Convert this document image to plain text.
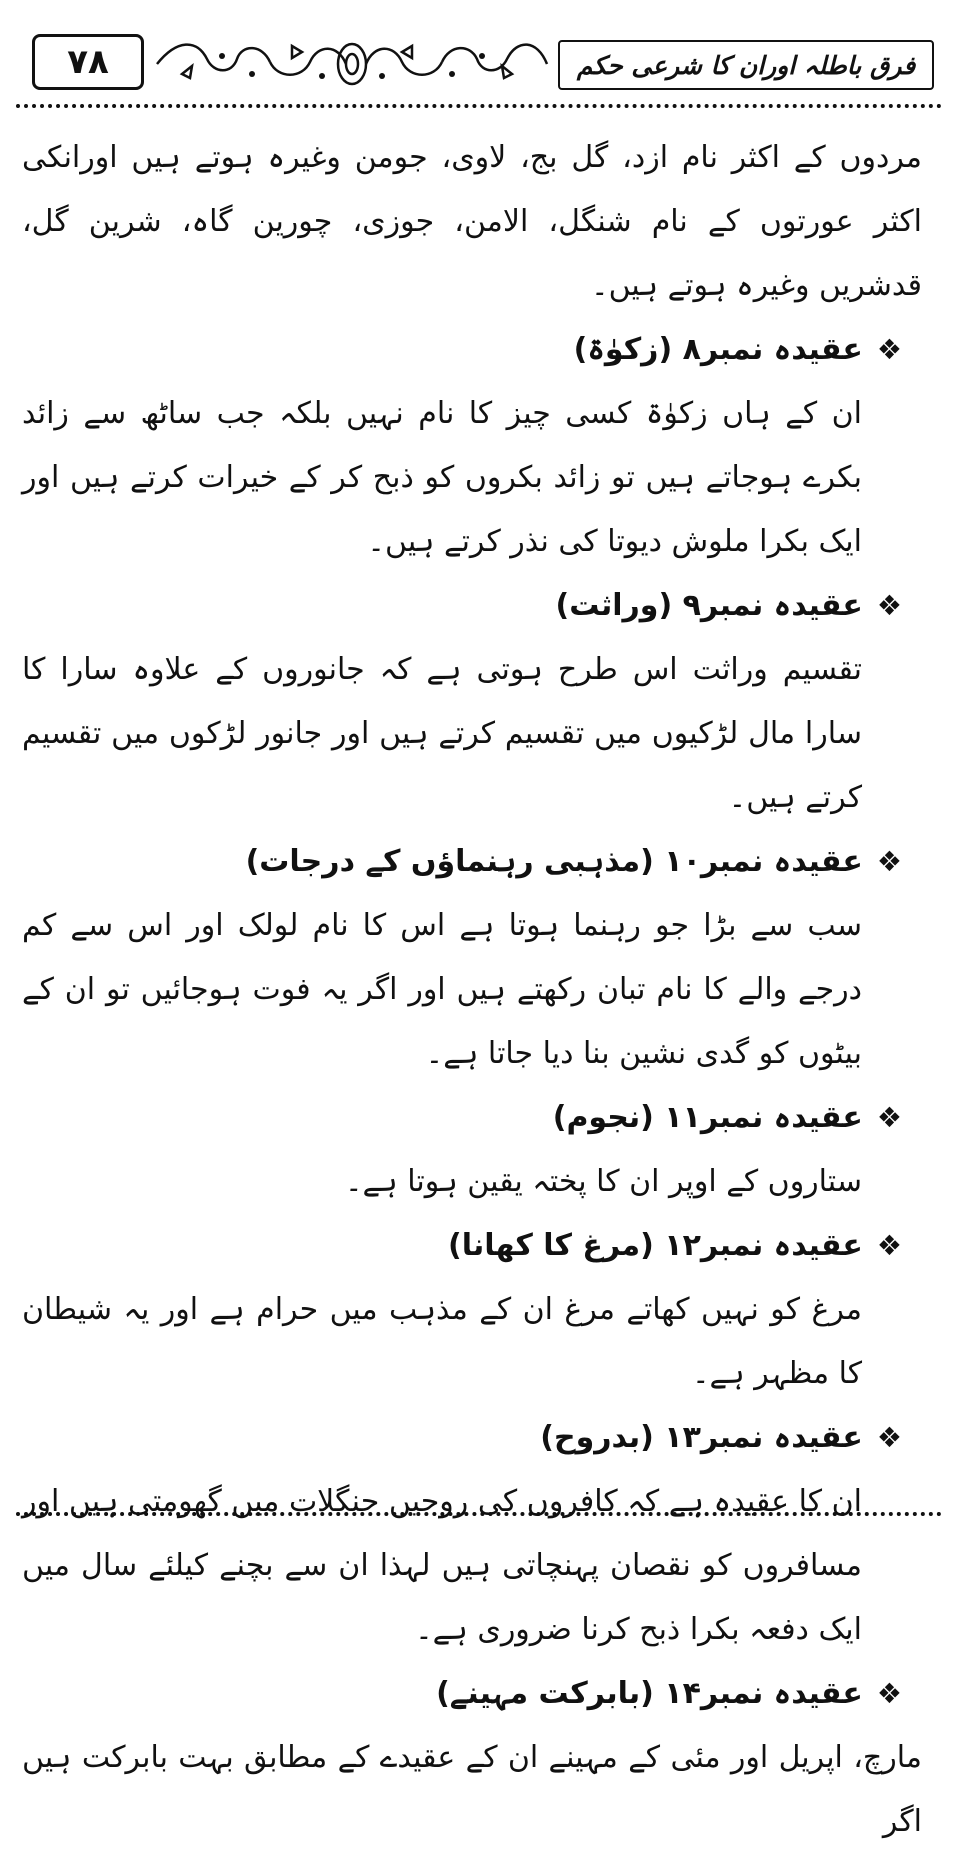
۷۸	فرق باطلہ اوران کا شرعی حکم

مردوں کے اکثر نام ازد، گل بج، لاوی، جومن وغیرہ ہوتے ہیں اورانکی اکثر عورتوں کے نام شنگل، الامن، جوزی، چورین گاہ، شرین گل، قدشریں وغیرہ ہوتے ہیں۔

❖
عقیدہ نمبر۸ (زکوٰۃ)

ان کے ہاں زکوٰۃ کسی چیز کا نام نہیں بلکہ جب ساٹھ سے زائد بکرے ہوجاتے ہیں تو زائد بکروں کو ذبح کر کے خیرات کرتے ہیں اور ایک بکرا ملوش دیوتا کی نذر کرتے ہیں۔

❖
عقیدہ نمبر۹ (وراثت)

تقسیم وراثت اس طرح ہوتی ہے کہ جانوروں کے علاوہ سارا کا سارا مال لڑکیوں میں تقسیم کرتے ہیں اور جانور لڑکوں میں تقسیم کرتے ہیں۔

❖
عقیدہ نمبر۱۰ (مذہبی رہنماؤں کے درجات)

سب سے بڑا جو رہنما ہوتا ہے اس کا نام لولک اور اس سے کم درجے والے کا نام تبان رکھتے ہیں اور اگر یہ فوت ہوجائیں تو ان کے بیٹوں کو گدی نشین بنا دیا جاتا ہے۔

❖
عقیدہ نمبر۱۱ (نجوم)

ستاروں کے اوپر ان کا پختہ یقین ہوتا ہے۔

❖
عقیدہ نمبر۱۲ (مرغ کا کھانا)

مرغ کو نہیں کھاتے مرغ ان کے مذہب میں حرام ہے اور یہ شیطان کا مظہر ہے۔

❖
عقیدہ نمبر۱۳ (بدروح)

ان کا عقیدہ ہے کہ کافروں کی روحیں جنگلات میں گھومتی ہیں اور مسافروں کو نقصان پہنچاتی ہیں لہذا ان سے بچنے کیلئے سال میں ایک دفعہ بکرا ذبح کرنا ضروری ہے۔

❖
عقیدہ نمبر۱۴ (بابرکت مہینے)

مارچ، اپریل اور مئی کے مہینے ان کے عقیدے کے مطابق بہت بابرکت ہیں اگر
